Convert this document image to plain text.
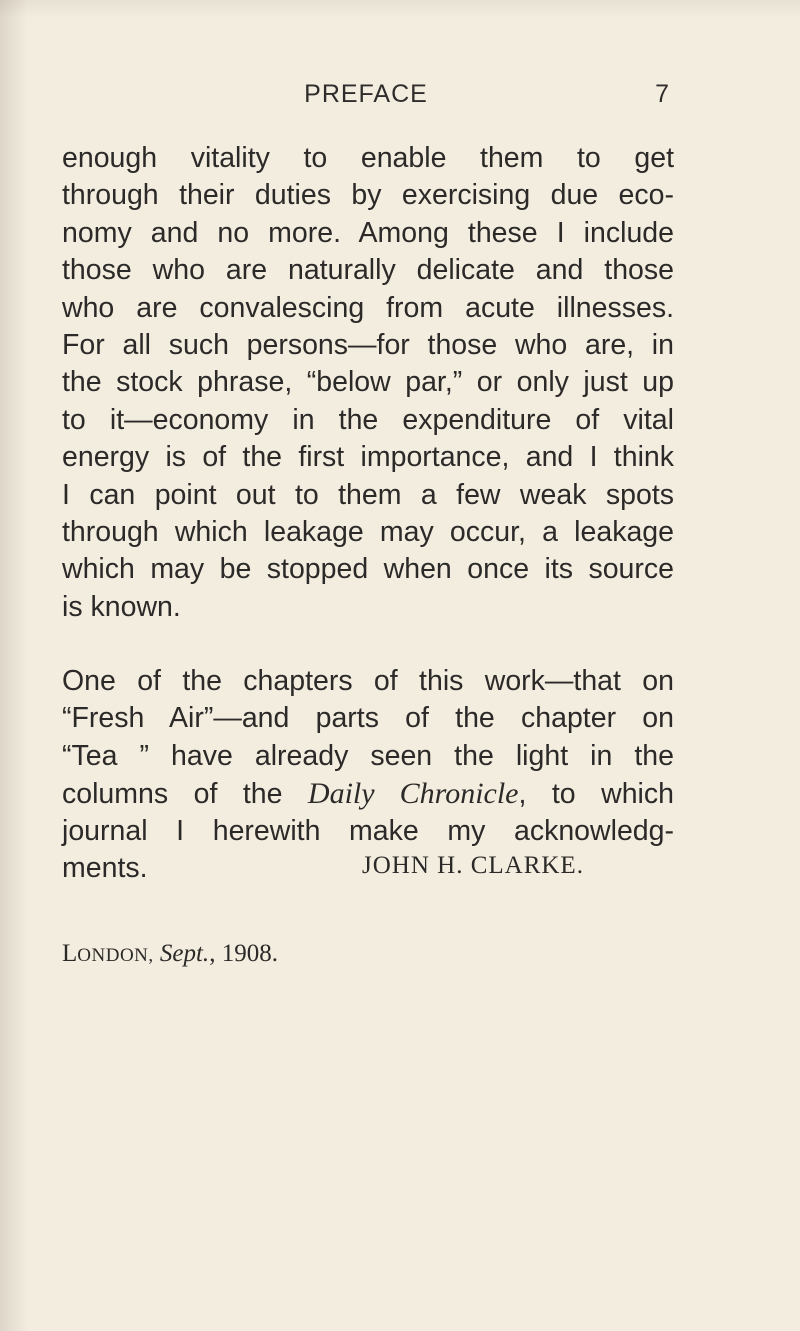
PREFACE	7
enough vitality to enable them to get
through their duties by exercising due eco-
nomy and no more. Among these I include
those who are naturally delicate and those
who are convalescing from acute illnesses.
For all such persons—for those who are, in
the stock phrase, “below par,” or only just up
to it—economy in the expenditure of vital
energy is of the first importance, and I think
I can point out to them a few weak spots
through which leakage may occur, a leakage
which may be stopped when once its source
is known.
One of the chapters of this work—that on
“Fresh Air”—and parts of the chapter on
“Tea ” have already seen the light in the
columns of the Daily Chronicle, to which
journal I herewith make my acknowledg-
ments.	JOHN H. CLARKE.
LONDON, Sept., 1908.
